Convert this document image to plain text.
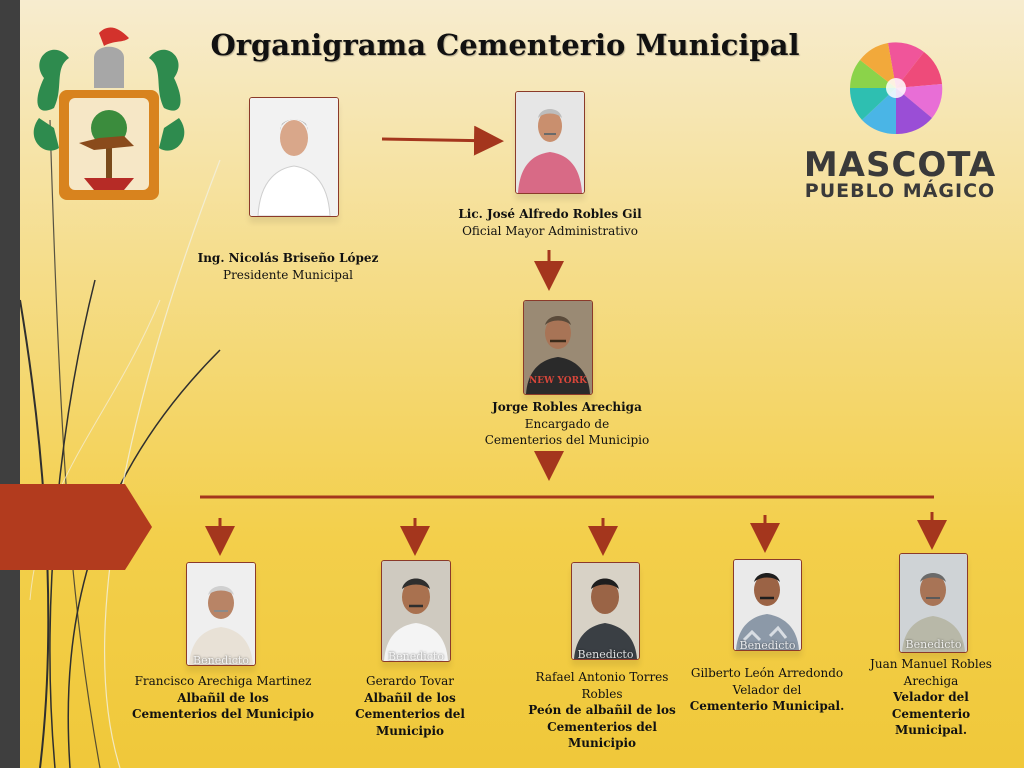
MASCOTA
PUEBLO MÁGICO
Organigrama Cementerio Municipal
Ing. Nicolás Briseño López
Presidente Municipal
Lic. José Alfredo Robles Gil
Oficial Mayor Administrativo
NEW YORK
Jorge Robles Arechiga
Encargado de
Cementerios del Municipio
Benedicto
Francisco Arechiga Martinez
Albañil de los
Cementerios del Municipio
Benedicto
Gerardo Tovar
Albañil de los
Cementerios del Municipio
Benedicto
Rafael Antonio Torres
Robles
Peón de albañil de los
Cementerios del Municipio
Benedicto
Gilberto León Arredondo
Velador del
Cementerio Municipal.
Benedicto
Juan Manuel Robles
Arechiga
Velador del
Cementerio Municipal.
